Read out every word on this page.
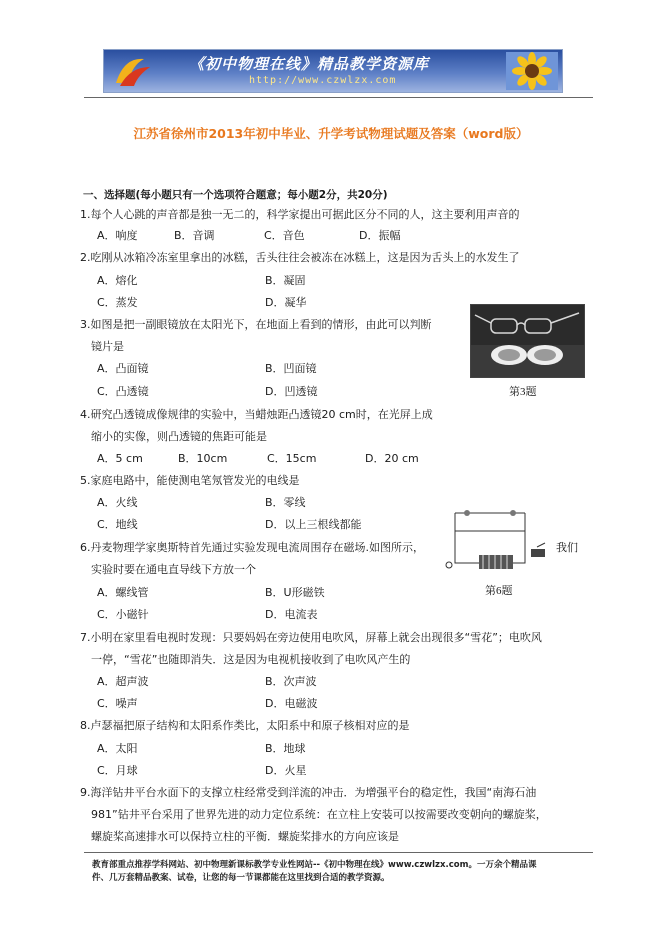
《初中物理在线》精品教学资源库
http://www.czwlzx.com
江苏省徐州市2013年初中毕业、升学考试物理试题及答案（word版）
一、选择题(每小题只有一个选项符合题意；每小题2分，共20分)
1.每个人心跳的声音都是独一无二的，科学家提出可据此区分不同的人，这主要利用声音的
A．响度	B．音调	C．音色	D．振幅
2.吃刚从冰箱冷冻室里拿出的冰糕，舌头往往会被冻在冰糕上，这是因为舌头上的水发生了
A．熔化	B．凝固
C．蒸发	D．凝华
3.如图是把一副眼镜放在太阳光下，在地面上看到的情形，由此可以判断
镜片是
A．凸面镜	B．凹面镜
C．凸透镜	D．凹透镜	第3题
4.研究凸透镜成像规律的实验中，当蜡烛距凸透镜20 cm时，在光屏上成
缩小的实像，则凸透镜的焦距可能是
A．5 cm	B．10cm	C．15cm	D．20 cm
5.家庭电路中，能使测电笔氖管发光的电线是
A．火线	B．零线
C．地线	D．以上三根线都能
6.丹麦物理学家奥斯特首先通过实验发现电流周围存在磁场.如图所示，	我们
实验时要在通电直导线下方放一个
第6题
A．螺线管	B．U形磁铁
C．小磁针	D．电流表
7.小明在家里看电视时发现：只要妈妈在旁边使用电吹风，屏幕上就会出现很多“雪花”；电吹风
一停，“雪花”也随即消失．这是因为电视机接收到了电吹风产生的
A．超声波	B．次声波
C．噪声	D．电磁波
8.卢瑟福把原子结构和太阳系作类比，太阳系中和原子核相对应的是
A．太阳	B．地球
C．月球	D．火星
9.海洋钻井平台水面下的支撑立柱经常受到洋流的冲击．为增强平台的稳定性，我国“南海石油
981”钻井平台采用了世界先进的动力定位系统：在立柱上安装可以按需要改变朝向的螺旋桨，
螺旋桨高速排水可以保持立柱的平衡．螺旋桨排水的方向应该是
教育部重点推荐学科网站、初中物理新课标教学专业性网站--《初中物理在线》www.czwlzx.com。一万余个精品课
件、几万套精品教案、试卷，让您的每一节课都能在这里找到合适的教学资源。
